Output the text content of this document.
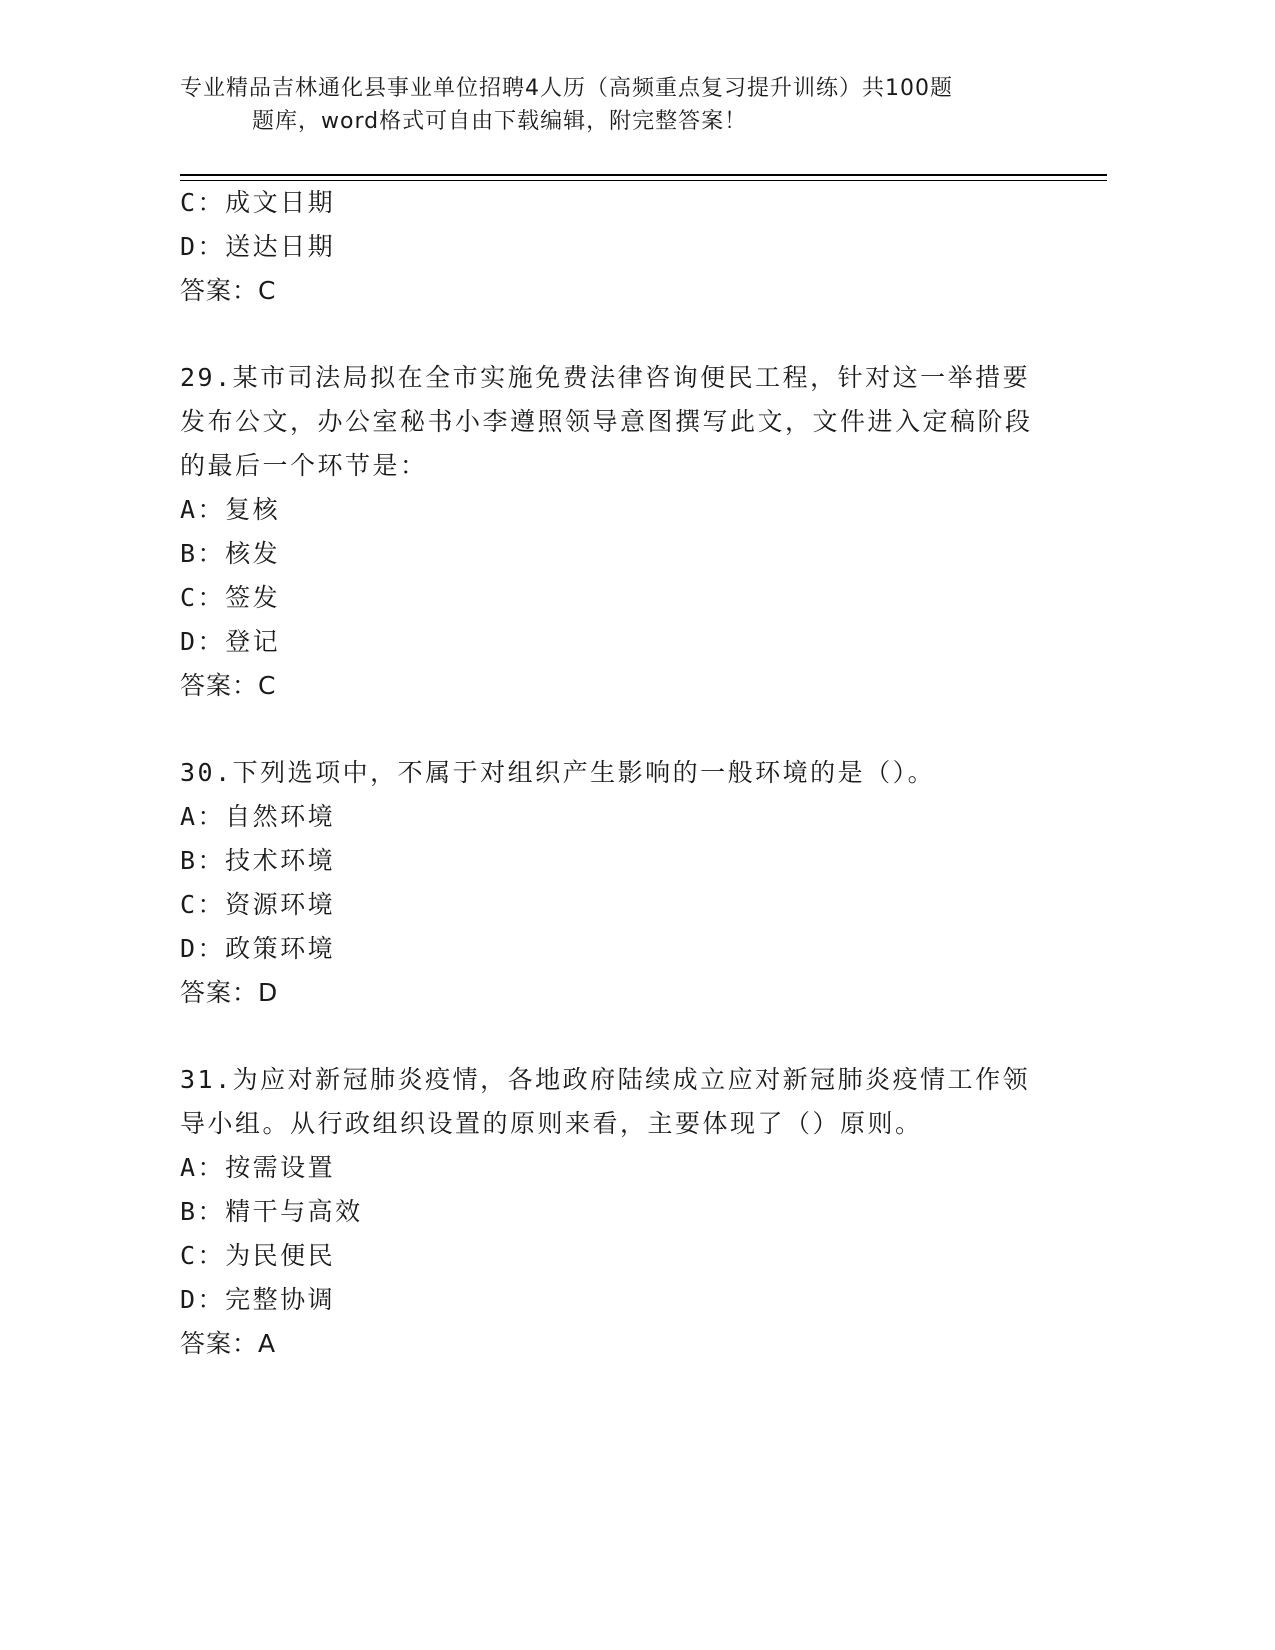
专业精品吉林通化县事业单位招聘4人历（高频重点复习提升训练）共100题
题库，word格式可自由下载编辑，附完整答案！
C：成文日期
D：送达日期
答案：C
29.某市司法局拟在全市实施免费法律咨询便民工程，针对这一举措要发布公文，办公室秘书小李遵照领导意图撰写此文，文件进入定稿阶段的最后一个环节是：
A：复核
B：核发
C：签发
D：登记
答案：C
30.下列选项中，不属于对组织产生影响的一般环境的是（）。
A：自然环境
B：技术环境
C：资源环境
D：政策环境
答案：D
31.为应对新冠肺炎疫情，各地政府陆续成立应对新冠肺炎疫情工作领导小组。从行政组织设置的原则来看，主要体现了（）原则。
A：按需设置
B：精干与高效
C：为民便民
D：完整协调
答案：A
